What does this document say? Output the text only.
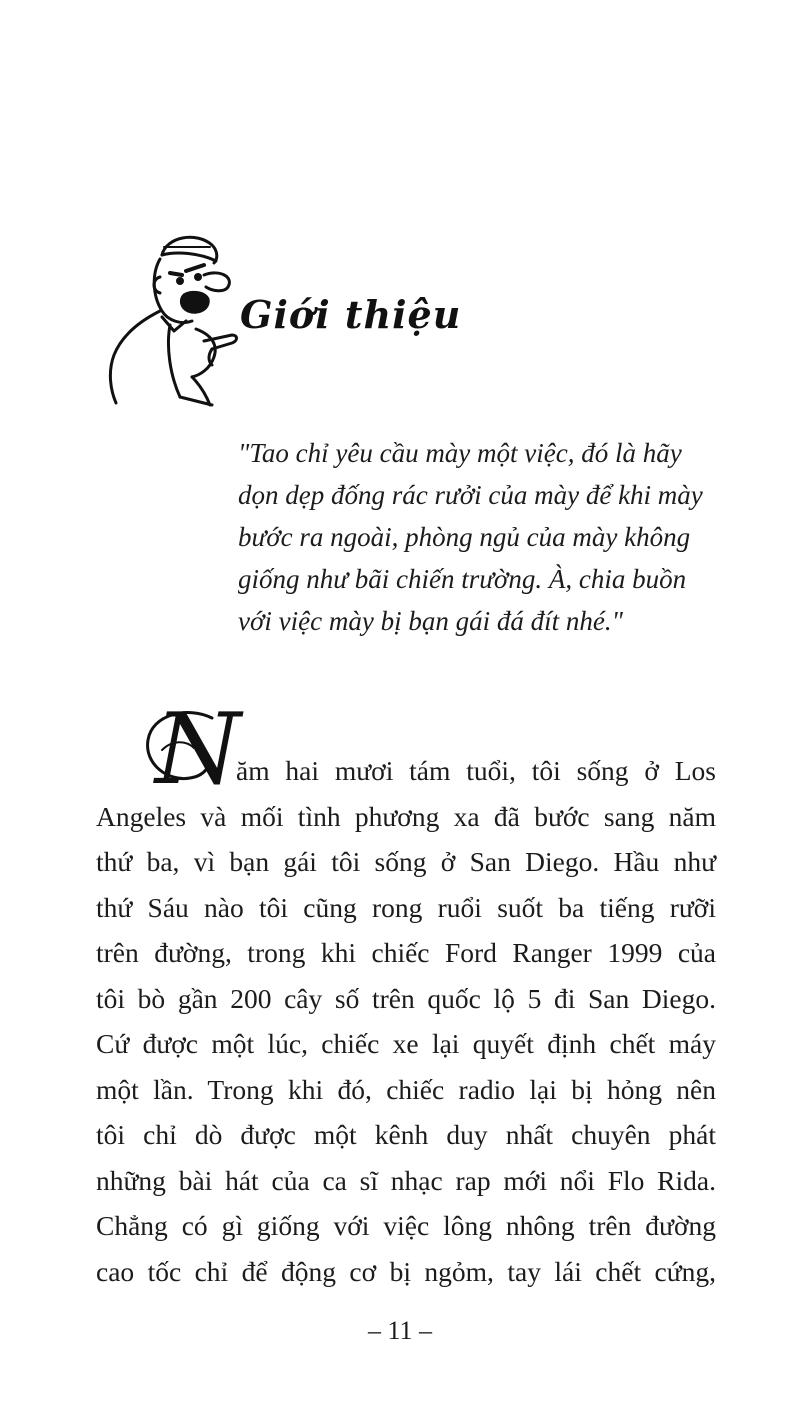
Giới thiệu
"Tao chỉ yêu cầu mày một việc, đó là hãy
dọn dẹp đống rác rưởi của mày để khi mày
bước ra ngoài, phòng ngủ của mày không
giống như bãi chiến trường. À, chia buồn
với việc mày bị bạn gái đá đít nhé."
N
ăm hai mươi tám tuổi, tôi sống ở Los
Angeles và mối tình phương xa đã bước sang năm
thứ ba, vì bạn gái tôi sống ở San Diego. Hầu như
thứ Sáu nào tôi cũng rong ruổi suốt ba tiếng rưỡi
trên đường, trong khi chiếc Ford Ranger 1999 của
tôi bò gần 200 cây số trên quốc lộ 5 đi San Diego.
Cứ được một lúc, chiếc xe lại quyết định chết máy
một lần. Trong khi đó, chiếc radio lại bị hỏng nên
tôi chỉ dò được một kênh duy nhất chuyên phát
những bài hát của ca sĩ nhạc rap mới nổi Flo Rida.
Chẳng có gì giống với việc lông nhông trên đường
cao tốc chỉ để động cơ bị ngỏm, tay lái chết cứng,
– 11 –
